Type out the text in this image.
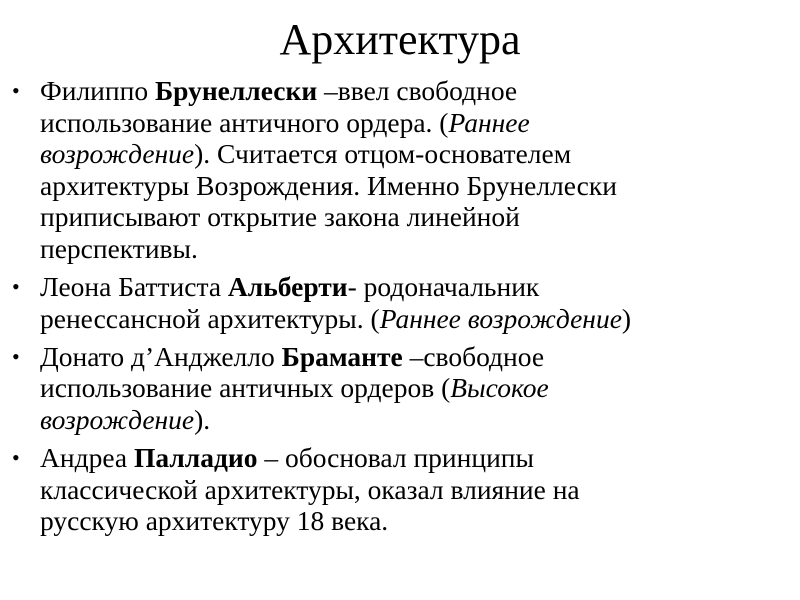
Архитектура
• Филиппо Брунеллески –ввел свободное использование античного ордера. (Раннее возрождение). Считается отцом-основателем архитектуры Возрождения. Именно Брунеллески приписывают открытие закона линейной перспективы.
• Леона Баттиста Альберти- родоначальник ренессансной архитектуры. (Раннее возрождение)
• Донато д’Анджелло Браманте –свободное использование античных ордеров (Высокое возрождение).
• Андреа Палладио – обосновал принципы классической архитектуры, оказал влияние на русскую архитектуру 18 века.
